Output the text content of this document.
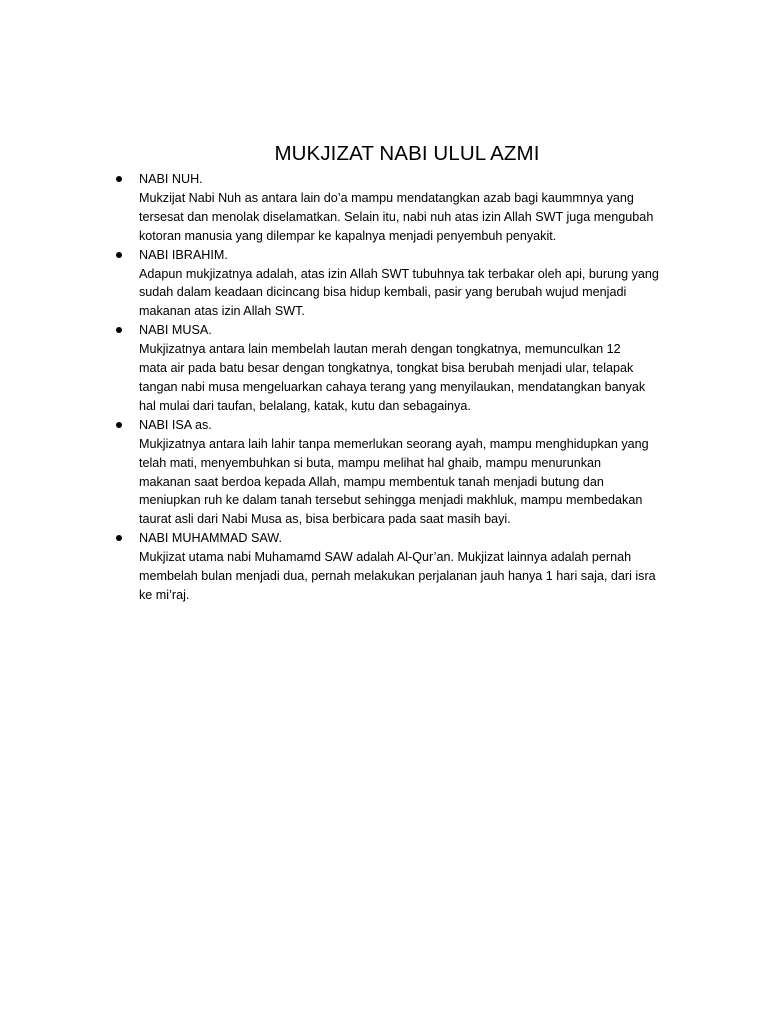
MUKJIZAT NABI ULUL AZMI
NABI NUH.
Mukzijat Nabi Nuh as antara lain do’a mampu mendatangkan azab bagi kaummnya yang
tersesat dan menolak diselamatkan. Selain itu, nabi nuh atas izin Allah SWT juga mengubah
kotoran manusia yang dilempar ke kapalnya menjadi penyembuh penyakit.
NABI IBRAHIM.
Adapun mukjizatnya adalah, atas izin Allah SWT tubuhnya tak terbakar oleh api, burung yang
sudah dalam keadaan dicincang bisa hidup kembali, pasir yang berubah wujud menjadi
makanan atas izin Allah SWT.
NABI MUSA.
Mukjizatnya antara lain membelah lautan merah dengan tongkatnya, memunculkan 12
mata air pada batu besar dengan tongkatnya, tongkat bisa berubah menjadi ular, telapak
tangan nabi musa mengeluarkan cahaya terang yang menyilaukan, mendatangkan banyak
hal mulai dari taufan, belalang, katak, kutu dan sebagainya.
NABI ISA as.
Mukjizatnya antara laih lahir tanpa memerlukan seorang ayah, mampu menghidupkan yang
telah mati, menyembuhkan si buta, mampu melihat hal ghaib, mampu menurunkan
makanan saat berdoa kepada Allah, mampu membentuk tanah menjadi butung dan
meniupkan ruh ke dalam tanah tersebut sehingga menjadi makhluk, mampu membedakan
taurat asli dari Nabi Musa as, bisa berbicara pada saat masih bayi.
NABI MUHAMMAD SAW.
Mukjizat utama nabi Muhamamd SAW adalah Al-Qur’an. Mukjizat lainnya adalah pernah
membelah bulan menjadi dua, pernah melakukan perjalanan jauh hanya 1 hari saja, dari isra
ke mi’raj.
